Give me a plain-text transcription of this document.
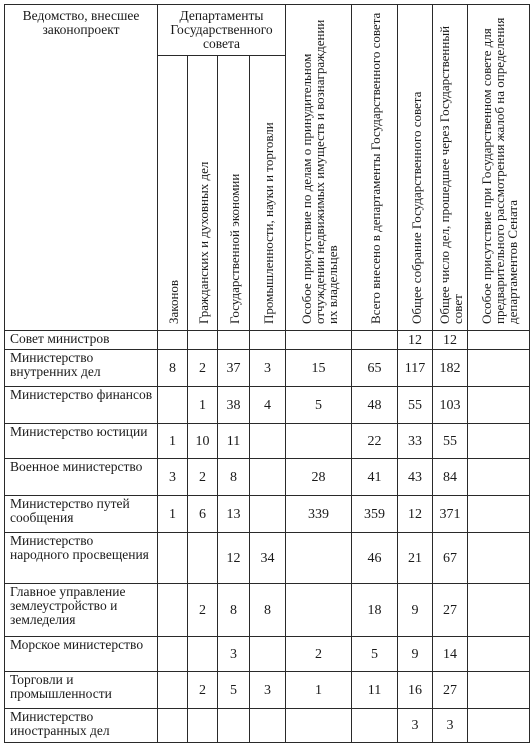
Ведомство, внесшее законопроект	Департаменты Государственного совета				Особое присутствие по делам о принудительном отчуждении недвижимых имуществ и вознаграждении их владельцев	Всего внесено в департаменты Государственного совета	Общее собрание Государственного совета	Общее число дел, прошедшее через Государственный совет	Особое присутствие при Государственном совете для предварительного рассмотрения жалоб на определения департаментов Сената

	Законов	Гражданских и духовных дел	Государственной экономии	Промышленности, науки и торговли					

Совет министров							12	12	
Министерство внутренних дел	8	2	37	3	15	65	117	182	
Министерство финансов		1	38	4	5	48	55	103	
Министерство юстиции	1	10	11			22	33	55	
Военное министерство	3	2	8		28	41	43	84	
Министерство путей сообщения	1	6	13		339	359	12	371	
Министерство народного просвещения			12	34		46	21	67	
Главное управление землеустройство и земледелия		2	8	8		18	9	27	
Морское министерство			3		2	5	9	14	
Торговли и промышленности		2	5	3	1	11	16	27	
Министерство иностранных дел							3	3	
